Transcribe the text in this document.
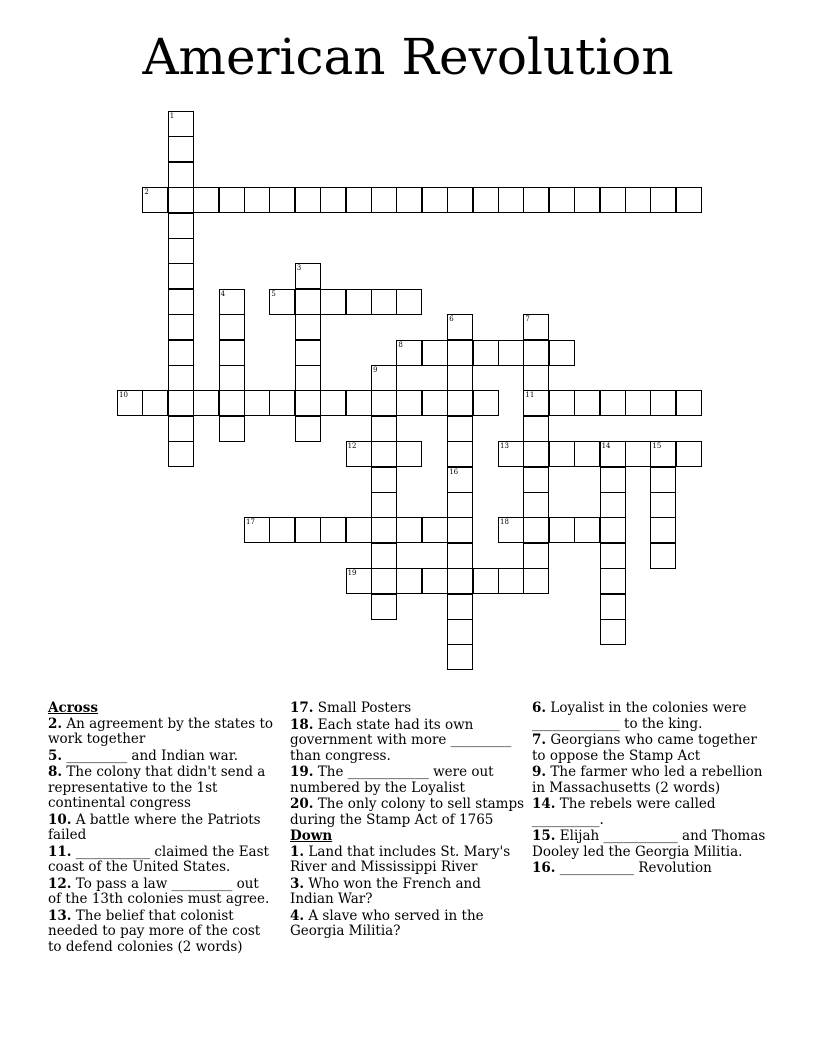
American Revolution
2
5
8
10	11
12	13	14	15
17	18
19
1
3
4
6
16
7
9
Across
2. An agreement by the states to work together
5. _________ and Indian war.
8. The colony that didn't send a representative to the 1st continental congress
10. A battle where the Patriots failed
11. ___________ claimed the East coast of the United States.
12. To pass a law _________ out of the 13th colonies must agree.
13. The belief that colonist needed to pay more of the cost to defend colonies (2 words)
17. Small Posters
18. Each state had its own government with more _________ than congress.
19. The ____________ were out numbered by the Loyalist
20. The only colony to sell stamps during the Stamp Act of 1765
Down
1. Land that includes St. Mary's River and Mississippi River
3. Who won the French and Indian War?
4. A slave who served in the Georgia Militia?
6. Loyalist in the colonies were _____________ to the king.
7. Georgians who came together to oppose the Stamp Act
9. The farmer who led a rebellion in Massachusetts (2 words)
14. The rebels were called __________.
15. Elijah ___________ and Thomas Dooley led the Georgia Militia.
16. ___________ Revolution
